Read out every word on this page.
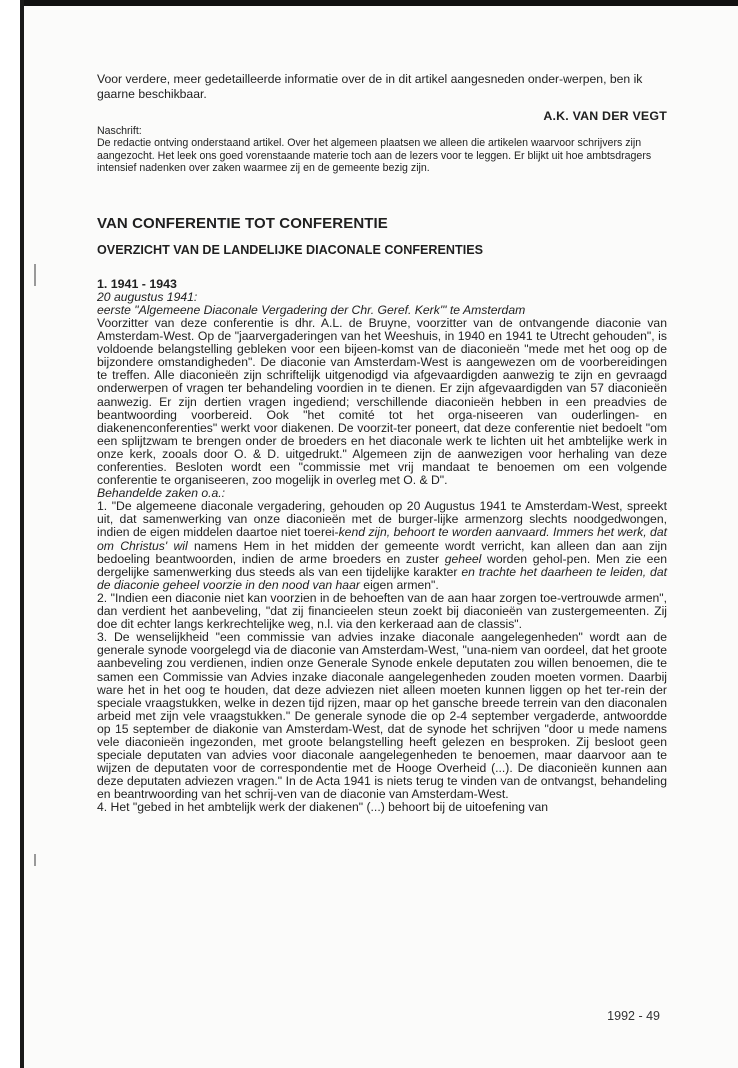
Voor verdere, meer gedetailleerde informatie over de in dit artikel aangesneden onder-werpen, ben ik gaarne beschikbaar.

A.K. VAN DER VEGT

Naschrift:

De redactie ontving onderstaand artikel. Over het algemeen plaatsen we alleen die artikelen waarvoor schrijvers zijn aangezocht. Het leek ons goed vorenstaande materie toch aan de lezers voor te leggen. Er blijkt uit hoe ambtsdragers intensief nadenken over zaken waarmee zij en de gemeente bezig zijn.

VAN CONFERENTIE TOT CONFERENTIE

OVERZICHT VAN DE LANDELIJKE DIACONALE CONFERENTIES

1. 1941 - 1943

20 augustus 1941:

eerste "Algemeene Diaconale Vergadering der Chr. Geref. Kerk'" te Amsterdam

Voorzitter van deze conferentie is dhr. A.L. de Bruyne, voorzitter van de ontvangende diaconie van Amsterdam-West. Op de "jaarvergaderingen van het Weeshuis, in 1940 en 1941 te Utrecht gehouden", is voldoende belangstelling gebleken voor een bijeen-komst van de diaconieën "mede met het oog op de bijzondere omstandigheden". De diaconie van Amsterdam-West is aangewezen om de voorbereidingen te treffen. Alle diaconieën zijn schriftelijk uitgenodigd via afgevaardigden aanwezig te zijn en gevraagd onderwerpen of vragen ter behandeling voordien in te dienen. Er zijn afgevaardigden van 57 diaconieën aanwezig. Er zijn dertien vragen ingediend; verschillende diaconieën hebben in een preadvies de beantwoording voorbereid. Ook "het comité tot het orga-niseeren van ouderlingen- en diakenenconferenties" werkt voor diakenen. De voorzit-ter poneert, dat deze conferentie niet bedoelt "om een splijtzwam te brengen onder de broeders en het diaconale werk te lichten uit het ambtelijke werk in onze kerk, zooals door O. & D. uitgedrukt." Algemeen zijn de aanwezigen voor herhaling van deze conferenties. Besloten wordt een "commissie met vrij mandaat te benoemen om een volgende conferentie te organiseeren, zoo mogelijk in overleg met O. & D".

Behandelde zaken o.a.:

1. "De algemeene diaconale vergadering, gehouden op 20 Augustus 1941 te Amsterdam-West, spreekt uit, dat samenwerking van onze diaconieën met de burger-lijke armenzorg slechts noodgedwongen, indien de eigen middelen daartoe niet toerei-kend zijn, behoort te worden aanvaard. Immers het werk, dat om Christus' wil namens Hem in het midden der gemeente wordt verricht, kan alleen dan aan zijn bedoeling beantwoorden, indien de arme broeders en zuster geheel worden gehol-pen. Men zie een dergelijke samenwerking dus steeds als van een tijdelijke karakter en trachte het daarheen te leiden, dat de diaconie geheel voorzie in den nood van haar eigen armen".

2. "Indien een diaconie niet kan voorzien in de behoeften van de aan haar zorgen toe-vertrouwde armen", dan verdient het aanbeveling, "dat zij financieelen steun zoekt bij diaconieën van zustergemeenten. Zij doe dit echter langs kerkrechtelijke weg, n.l. via den kerkeraad aan de classis".

3. De wenselijkheid "een commissie van advies inzake diaconale aangelegenheden" wordt aan de generale synode voorgelegd via de diaconie van Amsterdam-West, "una-niem van oordeel, dat het groote aanbeveling zou verdienen, indien onze Generale Synode enkele deputaten zou willen benoemen, die te samen een Commissie van Advies inzake diaconale aangelegenheden zouden moeten vormen. Daarbij ware het in het oog te houden, dat deze adviezen niet alleen moeten kunnen liggen op het ter-rein der speciale vraagstukken, welke in dezen tijd rijzen, maar op het gansche breede terrein van den diaconalen arbeid met zijn vele vraagstukken." De generale synode die op 2-4 september vergaderde, antwoordde op 15 september de diakonie van Amsterdam-West, dat de synode het schrijven "door u mede namens vele diaconieën ingezonden, met groote belangstelling heeft gelezen en besproken. Zij besloot geen speciale deputaten van advies voor diaconale aangelegenheden te benoemen, maar daarvoor aan te wijzen de deputaten voor de correspondentie met de Hooge Overheid (...). De diaconieën kunnen aan deze deputaten adviezen vragen." In de Acta 1941 is niets terug te vinden van de ontvangst, behandeling en beantrwoording van het schrij-ven van de diaconie van Amsterdam-West.

4. Het "gebed in het ambtelijk werk der diakenen" (...) behoort bij de uitoefening van

1992 - 49
